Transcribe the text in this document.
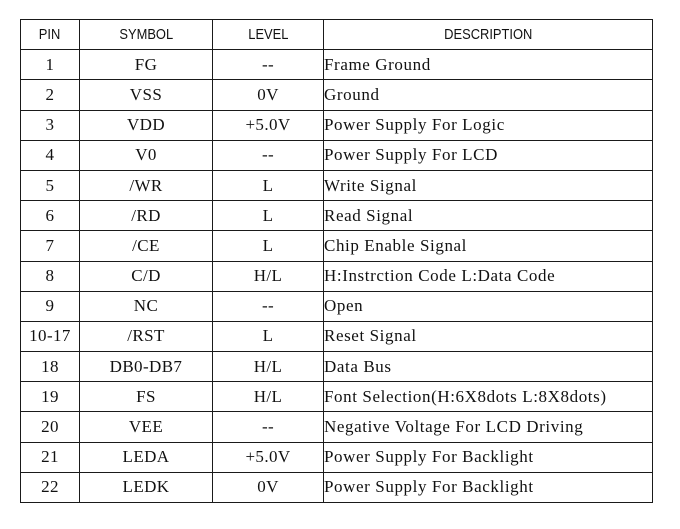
PIN	SYMBOL	LEVEL	DESCRIPTION
1	FG	--	Frame Ground
2	VSS	0V	Ground
3	VDD	+5.0V	Power Supply For Logic
4	V0	--	Power Supply For LCD
5	/WR	L	Write Signal
6	/RD	L	Read Signal
7	/CE	L	Chip Enable Signal
8	C/D	H/L	H:Instrction Code L:Data Code
9	NC	--	Open
10-17	/RST	L	Reset Signal
18	DB0-DB7	H/L	Data Bus
19	FS	H/L	Font Selection(H:6X8dots L:8X8dots)
20	VEE	--	Negative Voltage For LCD Driving
21	LEDA	+5.0V	Power Supply For Backlight
22	LEDK	0V	Power Supply For Backlight
